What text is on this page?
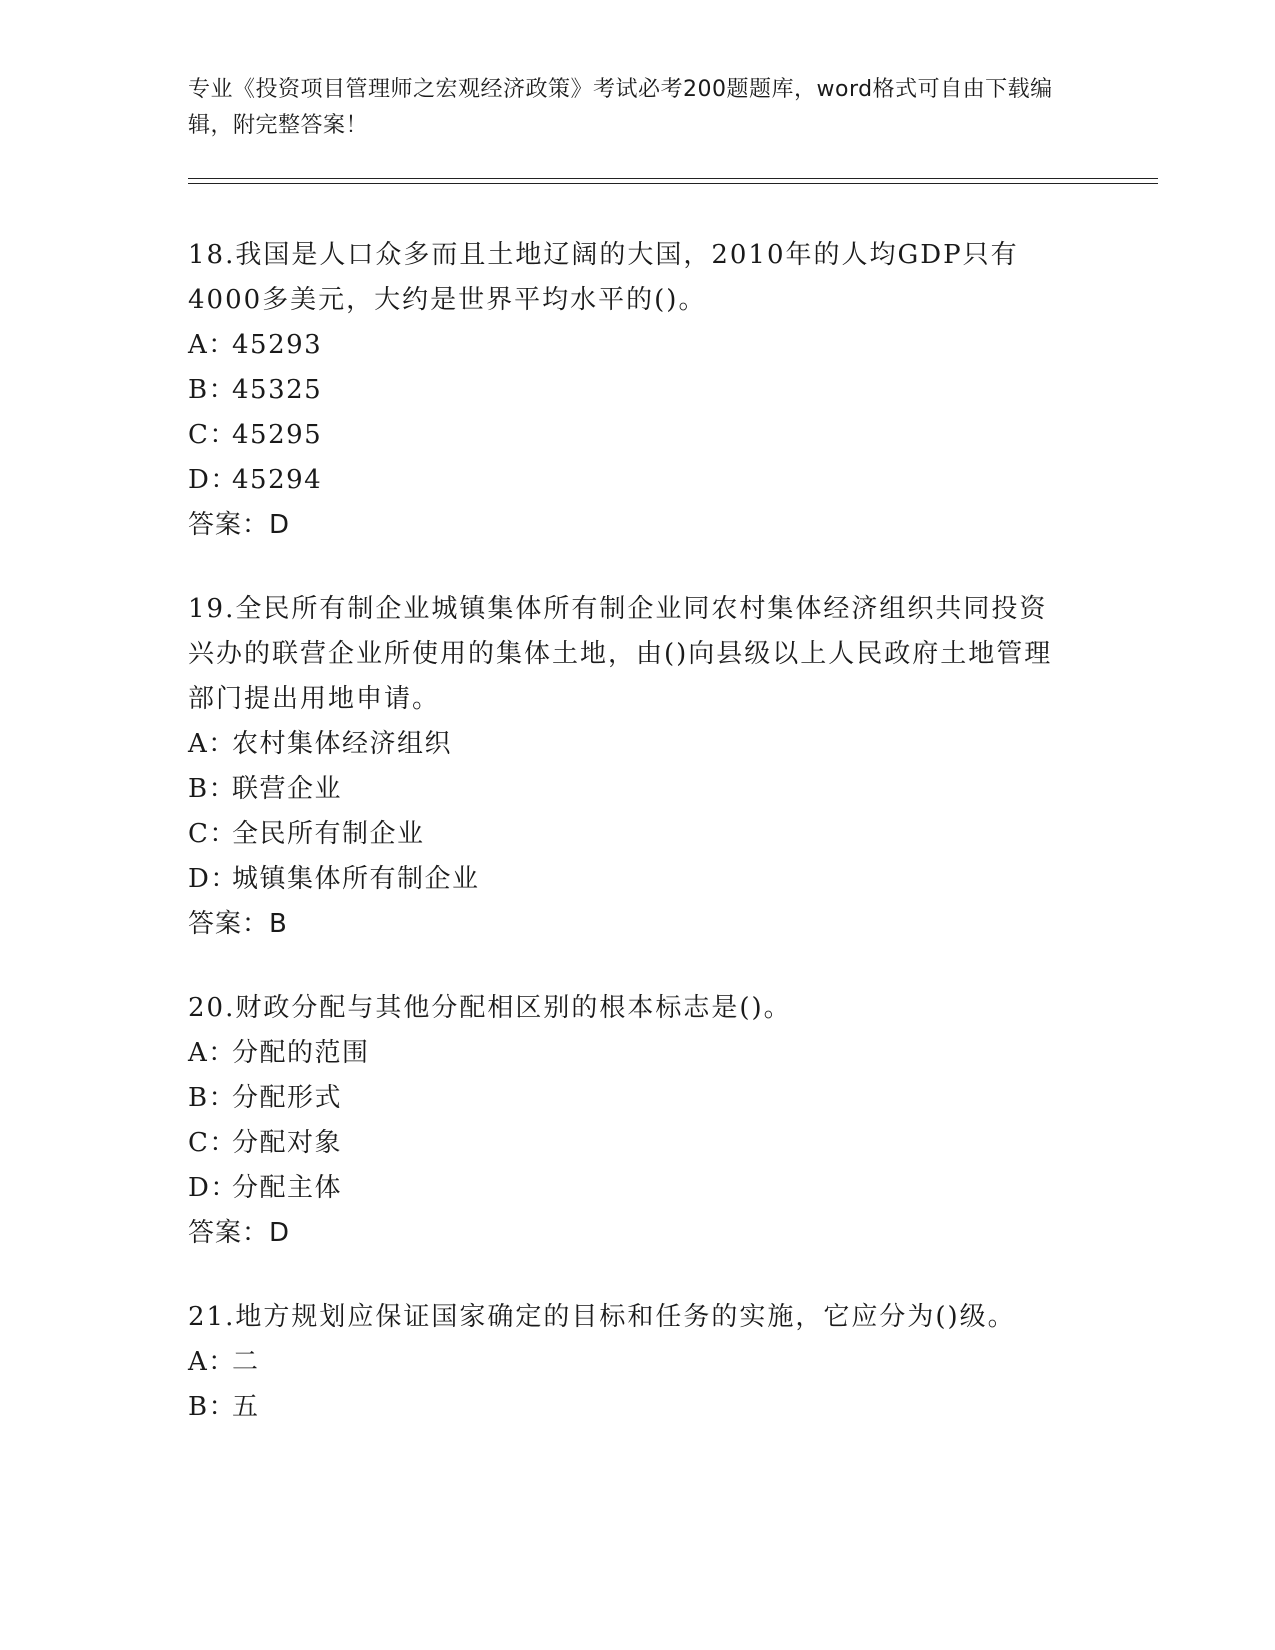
专业《投资项目管理师之宏观经济政策》考试必考200题题库，word格式可自由下载编辑，附完整答案！
18.我国是人口众多而且土地辽阔的大国，2010年的人均GDP只有4000多美元，大约是世界平均水平的()。
A：45293
B：45325
C：45295
D：45294
答案：D
19.全民所有制企业城镇集体所有制企业同农村集体经济组织共同投资兴办的联营企业所使用的集体土地，由()向县级以上人民政府土地管理部门提出用地申请。
A：农村集体经济组织
B：联营企业
C：全民所有制企业
D：城镇集体所有制企业
答案：B
20.财政分配与其他分配相区别的根本标志是()。
A：分配的范围
B：分配形式
C：分配对象
D：分配主体
答案：D
21.地方规划应保证国家确定的目标和任务的实施，它应分为()级。
A：二
B：五
